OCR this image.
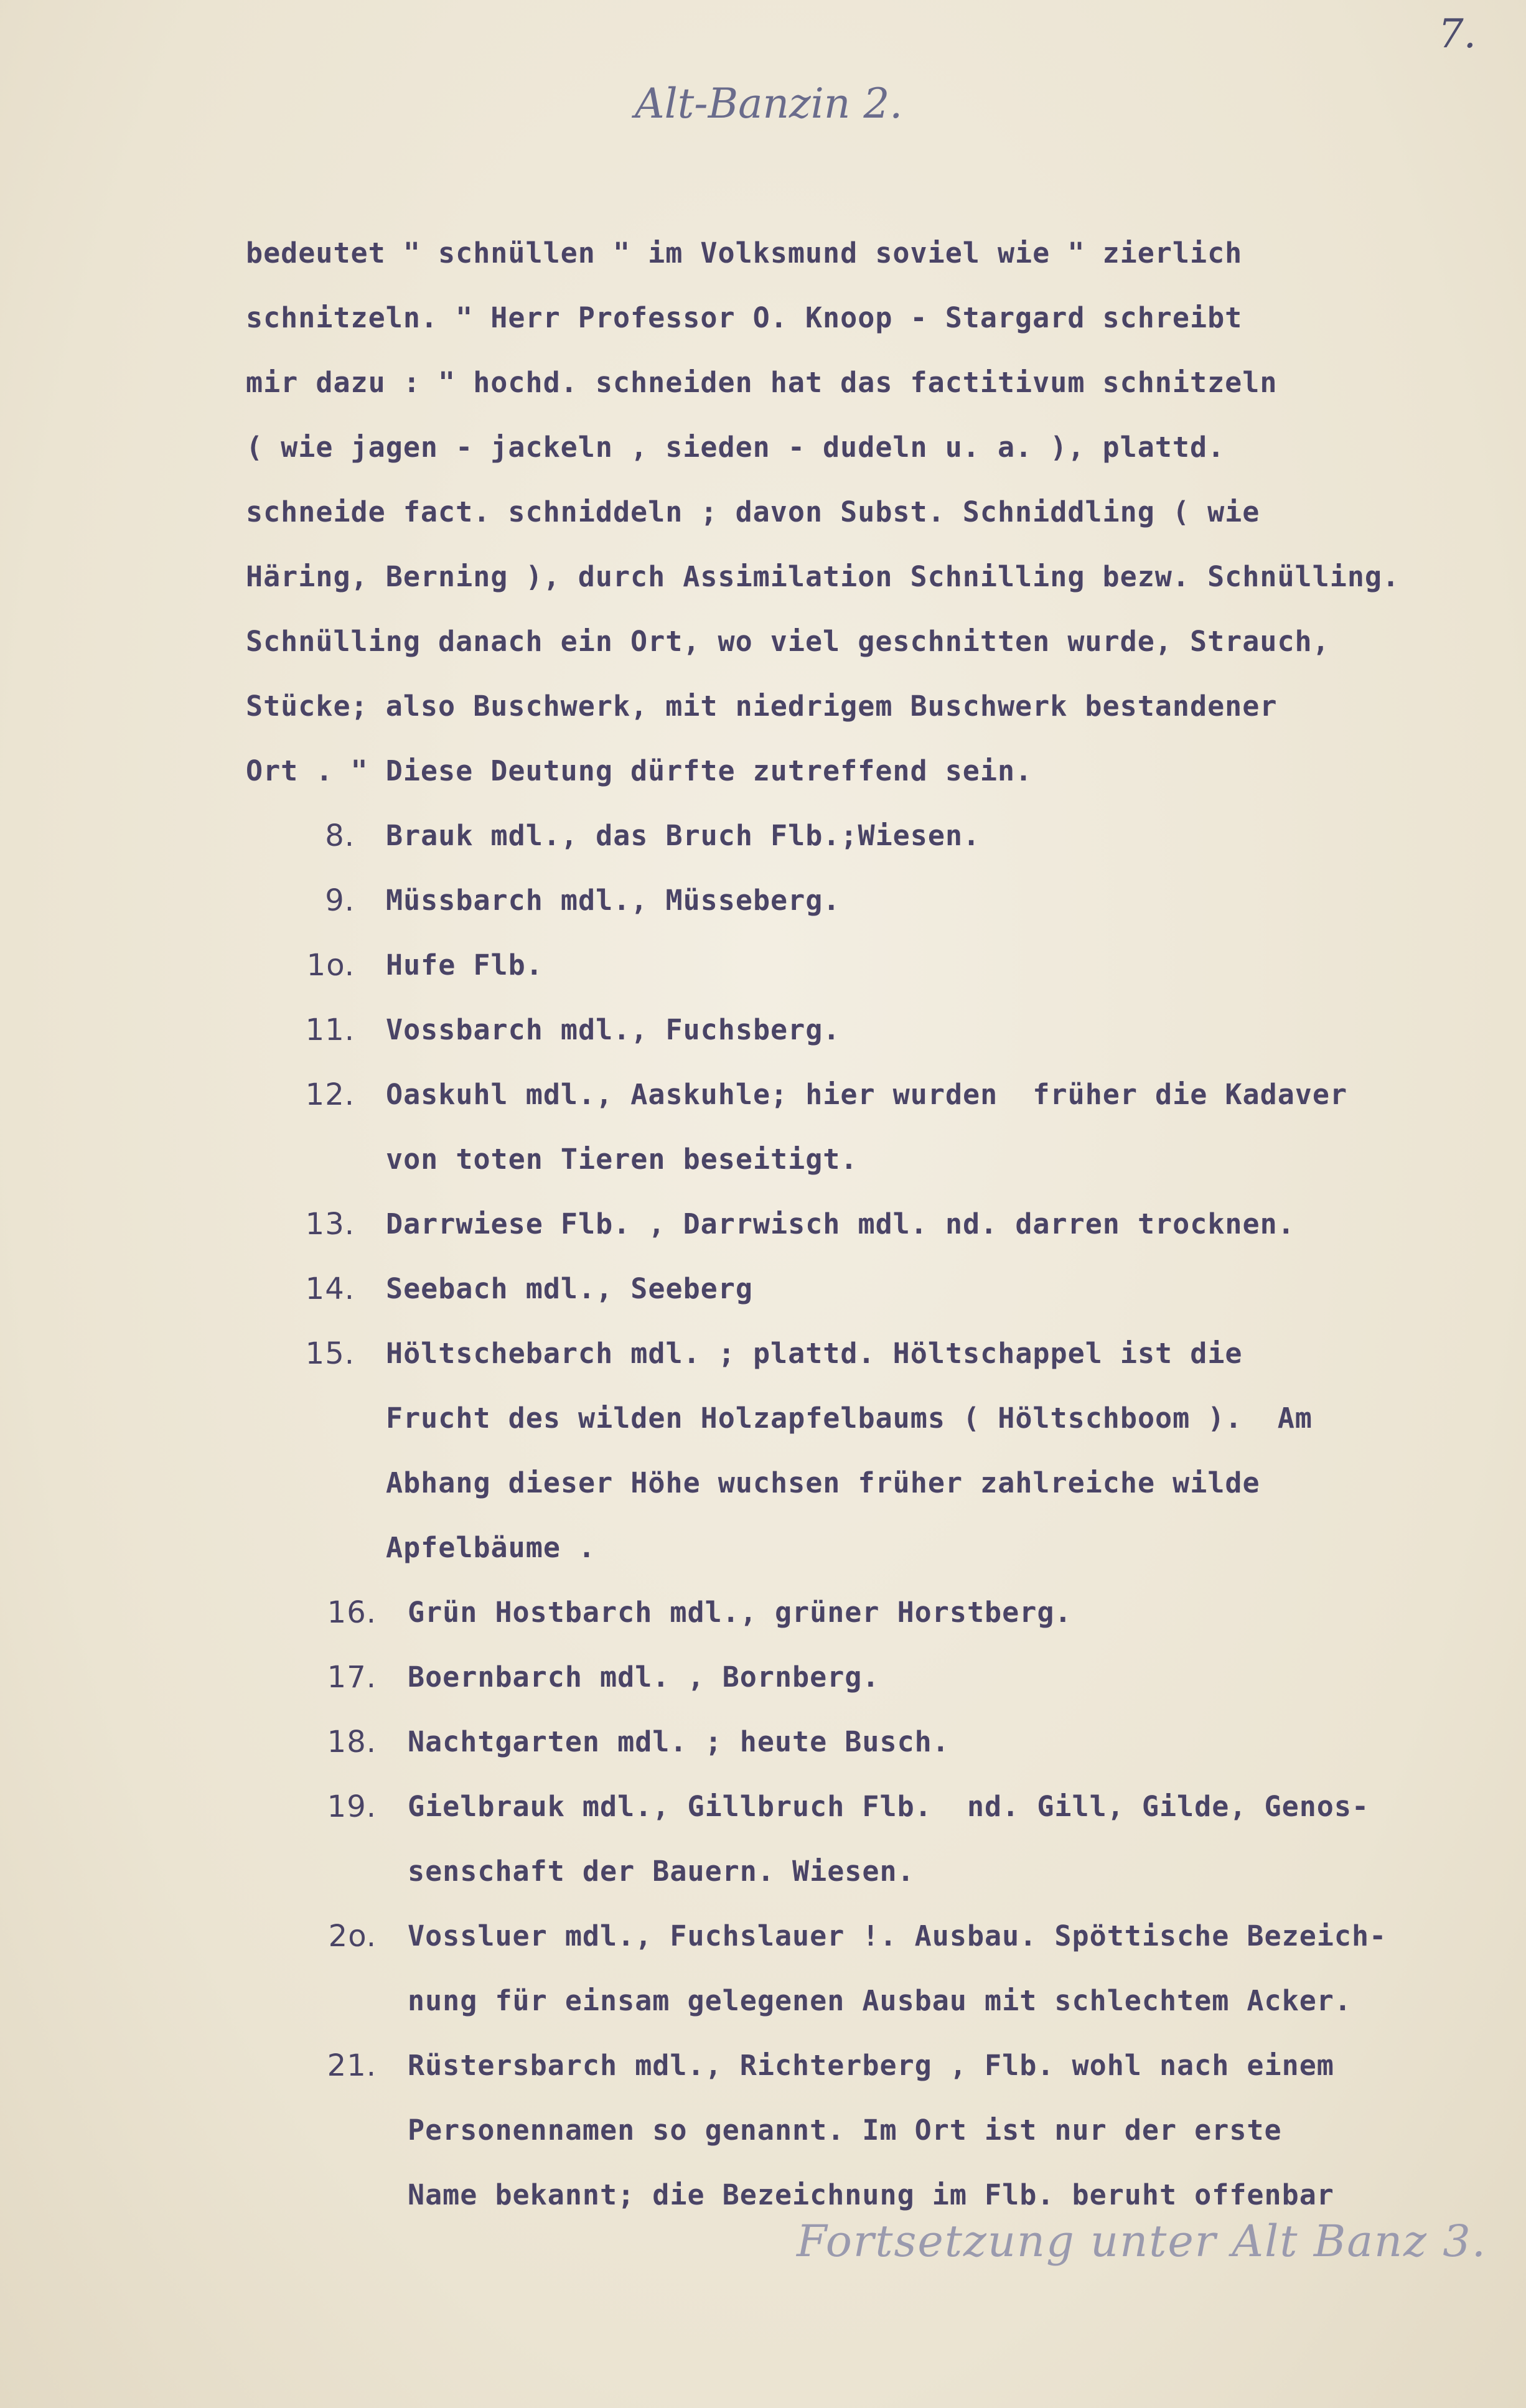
7.
Alt-Banzin 2.
bedeutet " schnüllen " im Volksmund soviel wie " zierlich
schnitzeln. " Herr Professor O. Knoop - Stargard schreibt
mir dazu : " hochd. schneiden hat das factitivum schnitzeln
( wie jagen - jackeln , sieden - dudeln u. a. ), plattd.
schneide fact. schniddeln ; davon Subst. Schniddling ( wie
Häring, Berning ), durch Assimilation Schnilling bezw. Schnülling.
Schnülling danach ein Ort, wo viel geschnitten wurde, Strauch,
Stücke; also Buschwerk, mit niedrigem Buschwerk bestandener
Ort . " Diese Deutung dürfte zutreffend sein.
8.	Brauk mdl., das Bruch Flb.;Wiesen.
9.	Müssbarch mdl., Müsseberg.
1o.	Hufe Flb.
11.	Vossbarch mdl., Fuchsberg.
12.	Oaskuhl mdl., Aaskuhle; hier wurden  früher die Kadaver
von toten Tieren beseitigt.
13.	Darrwiese Flb. , Darrwisch mdl. nd. darren trocknen.
14.	Seebach mdl., Seeberg
15.	Höltschebarch mdl. ; plattd. Höltschappel ist die
Frucht des wilden Holzapfelbaums ( Höltschboom ).  Am
Abhang dieser Höhe wuchsen früher zahlreiche wilde
Apfelbäume .
16.	Grün Hostbarch mdl., grüner Horstberg.
17.	Boernbarch mdl. , Bornberg.
18.	Nachtgarten mdl. ; heute Busch.
19.	Gielbrauk mdl., Gillbruch Flb.  nd. Gill, Gilde, Genos-
senschaft der Bauern. Wiesen.
2o.	Vossluer mdl., Fuchslauer !. Ausbau. Spöttische Bezeich-
nung für einsam gelegenen Ausbau mit schlechtem Acker.
21.	Rüstersbarch mdl., Richterberg , Flb. wohl nach einem
Personennamen so genannt. Im Ort ist nur der erste
Name bekannt; die Bezeichnung im Flb. beruht offenbar
Fortsetzung unter Alt Banz 3.
